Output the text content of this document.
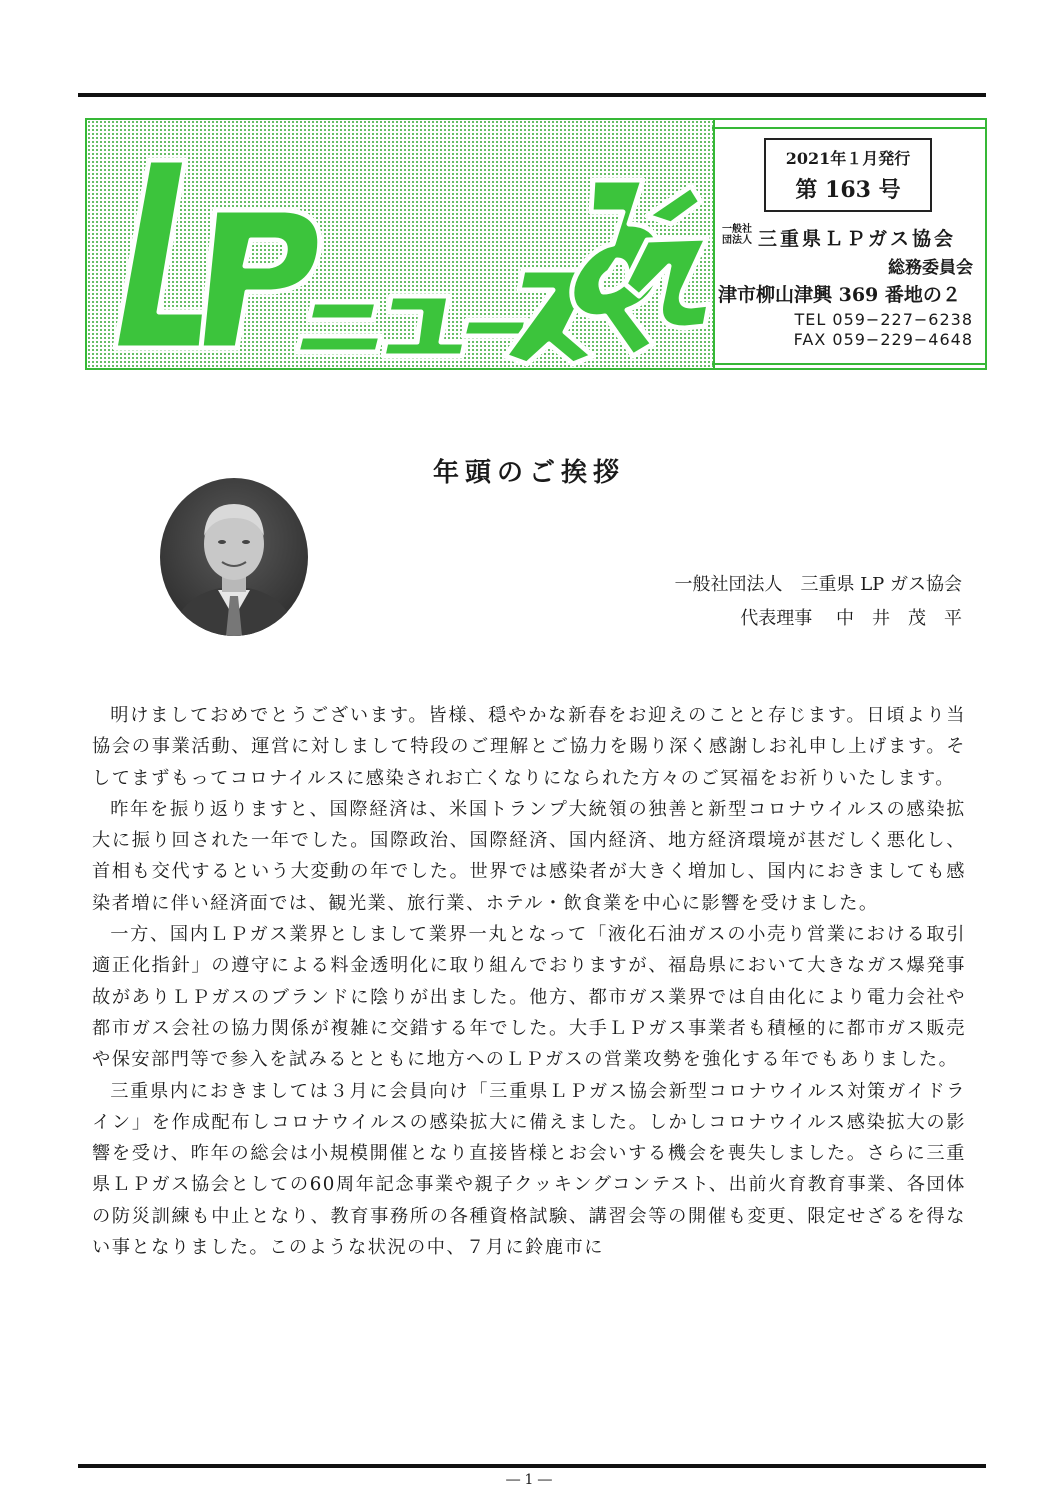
2021年１月発行
第 163 号
一般社団法人 三重県ＬＰガス協会
総務委員会
津市柳山津興 369 番地の２
TEL 059−227−6238
FAX 059−229−4648
年頭のご挨拶
一般社団法人　三重県 LP ガス協会
代表理事　 中　井　茂　平

明けましておめでとうございます。皆様、穏やかな新春をお迎えのことと存じます。日頃より当協会の事業活動、運営に対しまして特段のご理解とご協力を賜り深く感謝しお礼申し上げます。そしてまずもってコロナイルスに感染されお亡くなりになられた方々のご冥福をお祈りいたします。

昨年を振り返りますと、国際経済は、米国トランプ大統領の独善と新型コロナウイルスの感染拡大に振り回された一年でした。国際政治、国際経済、国内経済、地方経済環境が甚だしく悪化し、首相も交代するという大変動の年でした。世界では感染者が大きく増加し、国内におきましても感染者増に伴い経済面では、観光業、旅行業、ホテル・飲食業を中心に影響を受けました。

一方、国内ＬＰガス業界としまして業界一丸となって「液化石油ガスの小売り営業における取引適正化指針」の遵守による料金透明化に取り組んでおりますが、福島県において大きなガス爆発事故がありＬＰガスのブランドに陰りが出ました。他方、都市ガス業界では自由化により電力会社や都市ガス会社の協力関係が複雑に交錯する年でした。大手ＬＰガス事業者も積極的に都市ガス販売や保安部門等で参入を試みるとともに地方へのＬＰガスの営業攻勢を強化する年でもありました。

三重県内におきましては３月に会員向け「三重県ＬＰガス協会新型コロナウイルス対策ガイドライン」を作成配布しコロナウイルスの感染拡大に備えました。しかしコロナウイルス感染拡大の影響を受け、昨年の総会は小規模開催となり直接皆様とお会いする機会を喪失しました。さらに三重県ＬＰガス協会としての60周年記念事業や親子クッキングコンテスト、出前火育教育事業、各団体の防災訓練も中止となり、教育事務所の各種資格試験、講習会等の開催も変更、限定せざるを得ない事となりました。このような状況の中、７月に鈴鹿市に

― 1 ―
